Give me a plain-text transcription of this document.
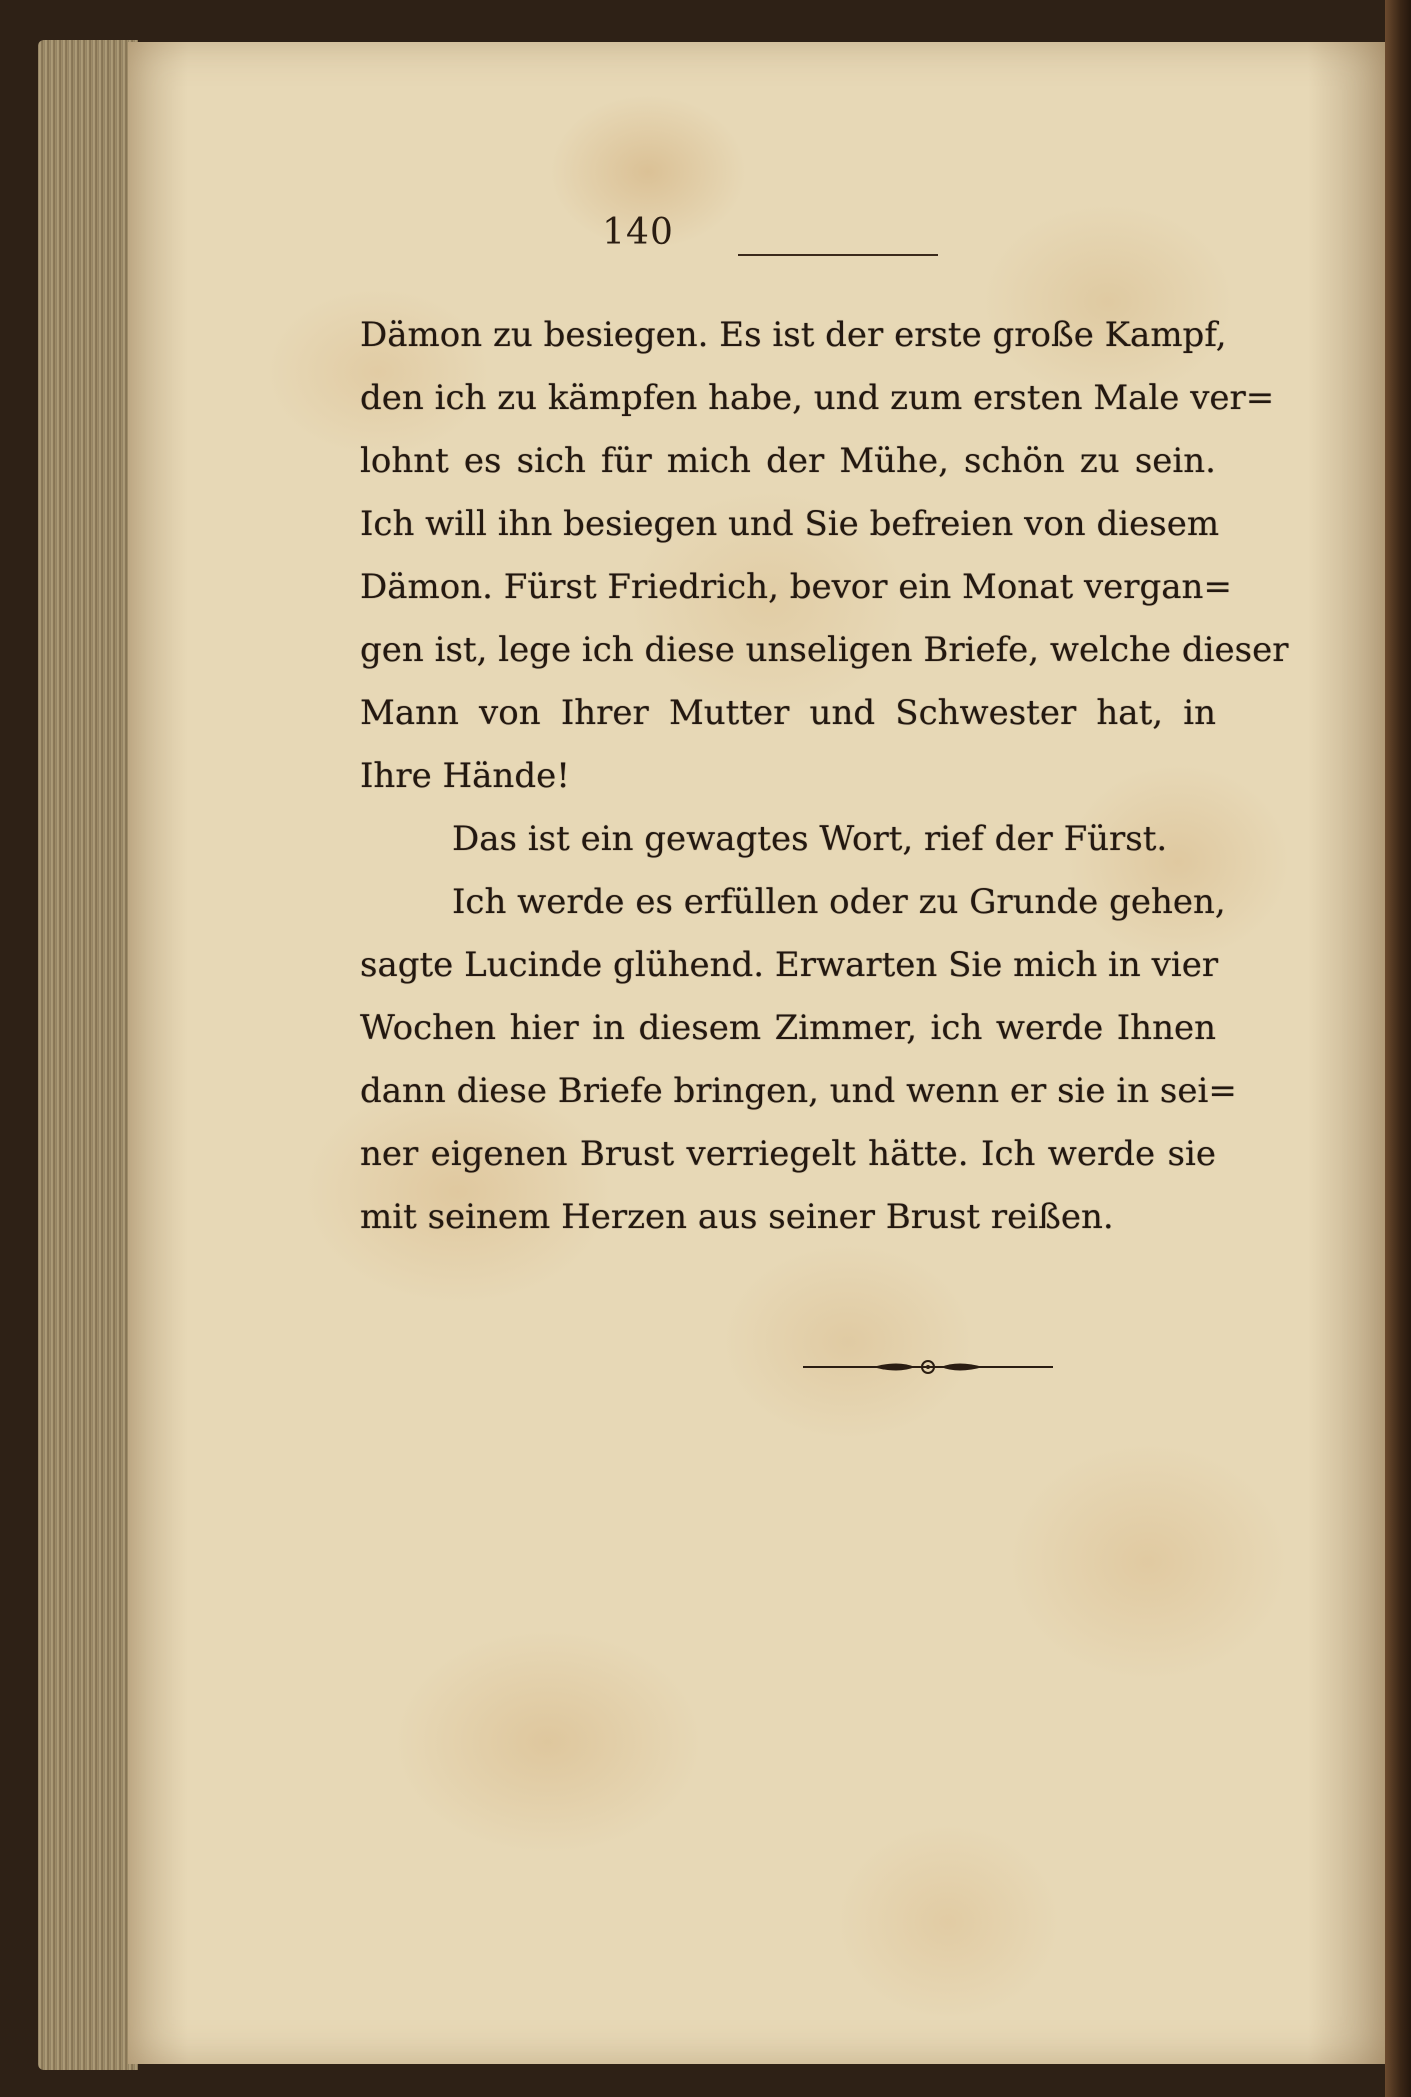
140
Dämon zu besiegen. Es ist der erste große Kampf,
den ich zu kämpfen habe, und zum ersten Male ver=
lohnt es sich für mich der Mühe, schön zu sein.
Ich will ihn besiegen und Sie befreien von diesem
Dämon. Fürst Friedrich, bevor ein Monat vergan=
gen ist, lege ich diese unseligen Briefe, welche dieser
Mann von Ihrer Mutter und Schwester hat, in
Ihre Hände!
Das ist ein gewagtes Wort, rief der Fürst.
Ich werde es erfüllen oder zu Grunde gehen,
sagte Lucinde glühend. Erwarten Sie mich in vier
Wochen hier in diesem Zimmer, ich werde Ihnen
dann diese Briefe bringen, und wenn er sie in sei=
ner eigenen Brust verriegelt hätte. Ich werde sie
mit seinem Herzen aus seiner Brust reißen.
